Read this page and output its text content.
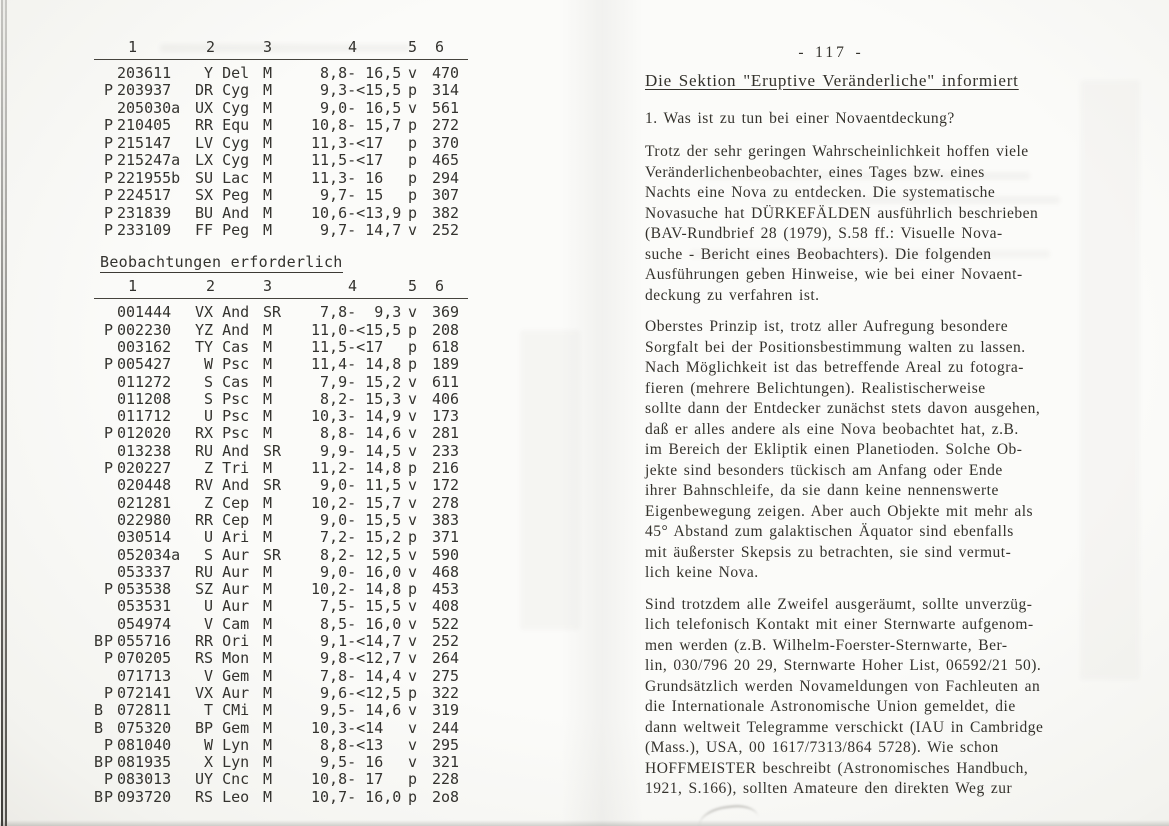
1	2	3	4	5 6
203611	Y Del M	8,8- 16,5 v 470
P 203937	DR Cyg M	9,3-<15,5 p 314
205030a UX Cyg M	9,0- 16,5 v 561
P 210405	RR Equ M	10,8- 15,7 p 272
P 215147	LV Cyg M	11,3-<17	p 370
P 215247a LX Cyg M	11,5-<17	p 465
P 221955b SU Lac M	11,3- 16	p 294
P 224517	SX Peg M	9,7- 15	p 307
P 231839	BU And M	10,6-<13,9 p 382
P 233109	FF Peg M	9,7- 14,7 v 252
Beobachtungen erforderlich
1	2	3	4	5 6
001444	VX And SR 7,8-  9,3 v 369
P 002230	YZ And M	11,0-<15,5 p 208
003162	TY Cas M	11,5-<17	p 618
P 005427	W Psc M	11,4- 14,8 p 189
011272	S Cas M	7,9- 15,2 v 611
011208	S Psc M	8,2- 15,3 v 406
011712	U Psc M	10,3- 14,9 v 173
P 012020	RX Psc M	8,8- 14,6 v 281
013238	RU And SR 9,9- 14,5 v 233
P 020227	Z Tri M	11,2- 14,8 p 216
020448	RV And SR 9,0- 11,5 v 172
021281	Z Cep M	10,2- 15,7 v 278
022980	RR Cep M	9,0- 15,5 v 383
030514	U Ari M	7,2- 15,2 p 371
052034a S Aur SR 8,2- 12,5 v 590
053337	RU Aur M	9,0- 16,0 v 468
P 053538	SZ Aur M	10,2- 14,8 p 453
053531	U Aur M	7,5- 15,5 v 408
054974	V Cam M	8,5- 16,0 v 522
B P 055716	RR Ori M	9,1-<14,7 v 252
P 070205	RS Mon M	9,8-<12,7 v 264
071713	V Gem M	7,8- 14,4 v 275
P 072141	VX Aur M	9,6-<12,5 p 322
B 072811	T CMi M	9,5- 14,6 v 319
B 075320	BP Gem M	10,3-<14	v 244
P 081040	W Lyn M	8,8-<13	v 295
B P 081935	X Lyn M	9,5- 16	v 321
P 083013	UY Cnc M	10,8- 17	p 228
B P 093720	RS Leo M	10,7- 16,0 p 2o8
- 117 -
Die Sektion "Eruptive Veränderliche" informiert
1. Was ist zu tun bei einer Novaentdeckung?
Trotz der sehr geringen Wahrscheinlichkeit hoffen viele
Veränderlichenbeobachter, eines Tages bzw. eines
Nachts eine Nova zu entdecken. Die systematische
Novasuche hat DÜRKEFÄLDEN ausführlich beschrieben
(BAV-Rundbrief 28 (1979), S.58 ff.: Visuelle Nova-
suche - Bericht eines Beobachters). Die folgenden
Ausführungen geben Hinweise, wie bei einer Novaent-
deckung zu verfahren ist.
Oberstes Prinzip ist, trotz aller Aufregung besondere
Sorgfalt bei der Positionsbestimmung walten zu lassen.
Nach Möglichkeit ist das betreffende Areal zu fotogra-
fieren (mehrere Belichtungen). Realistischerweise
sollte dann der Entdecker zunächst stets davon ausgehen,
daß er alles andere als eine Nova beobachtet hat, z.B.
im Bereich der Ekliptik einen Planetioden. Solche Ob-
jekte sind besonders tückisch am Anfang oder Ende
ihrer Bahnschleife, da sie dann keine nennenswerte
Eigenbewegung zeigen. Aber auch Objekte mit mehr als
45° Abstand zum galaktischen Äquator sind ebenfalls
mit äußerster Skepsis zu betrachten, sie sind vermut-
lich keine Nova.
Sind trotzdem alle Zweifel ausgeräumt, sollte unverzüg-
lich telefonisch Kontakt mit einer Sternwarte aufgenom-
men werden (z.B. Wilhelm-Foerster-Sternwarte, Ber-
lin, 030/796 20 29, Sternwarte Hoher List, 06592/21 50).
Grundsätzlich werden Novameldungen von Fachleuten an
die Internationale Astronomische Union gemeldet, die
dann weltweit Telegramme verschickt (IAU in Cambridge
(Mass.), USA, 00 1617/7313/864 5728). Wie schon
HOFFMEISTER beschreibt (Astronomisches Handbuch,
1921, S.166), sollten Amateure den direkten Weg zur
